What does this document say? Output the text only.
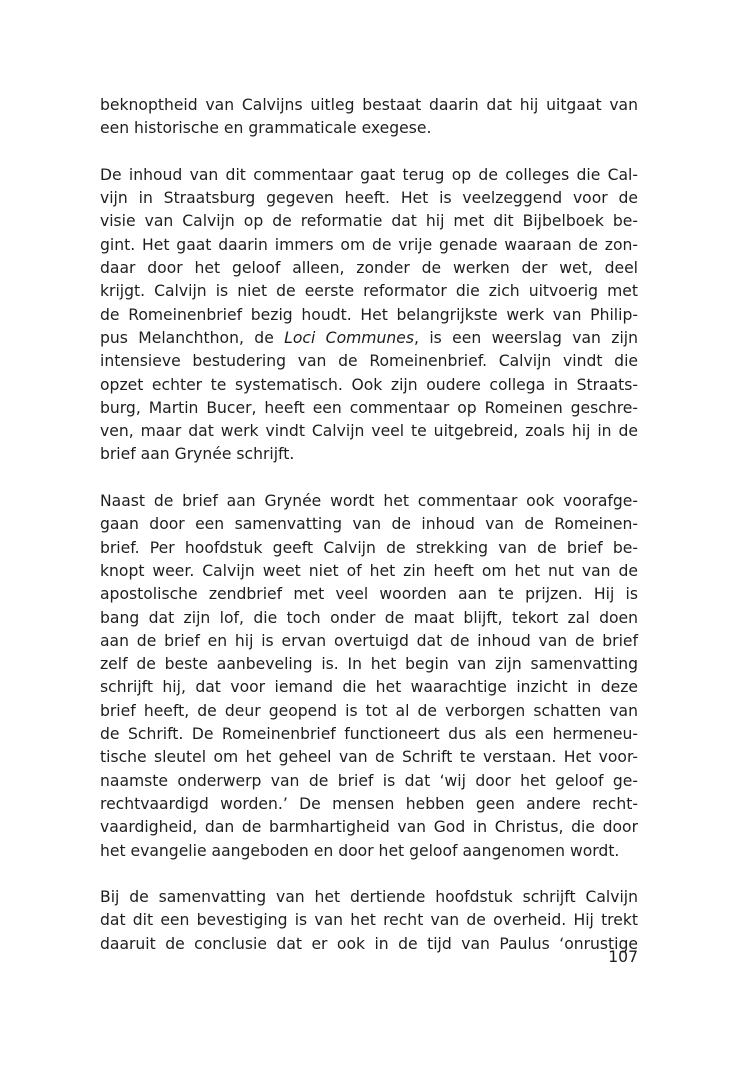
beknoptheid van Calvijns uitleg bestaat daarin dat hij uitgaat van
een historische en grammaticale exegese.
De inhoud van dit commentaar gaat terug op de colleges die Cal-
vijn in Straatsburg gegeven heeft. Het is veelzeggend voor de
visie van Calvijn op de reformatie dat hij met dit Bijbelboek be-
gint. Het gaat daarin immers om de vrije genade waaraan de zon-
daar door het geloof alleen, zonder de werken der wet, deel
krijgt. Calvijn is niet de eerste reformator die zich uitvoerig met
de Romeinenbrief bezig houdt. Het belangrijkste werk van Philip-
pus Melanchthon, de Loci Communes, is een weerslag van zijn
intensieve bestudering van de Romeinenbrief. Calvijn vindt die
opzet echter te systematisch. Ook zijn oudere collega in Straats-
burg, Martin Bucer, heeft een commentaar op Romeinen geschre-
ven, maar dat werk vindt Calvijn veel te uitgebreid, zoals hij in de
brief aan Grynée schrijft.
Naast de brief aan Grynée wordt het commentaar ook voorafge-
gaan door een samenvatting van de inhoud van de Romeinen-
brief. Per hoofdstuk geeft Calvijn de strekking van de brief be-
knopt weer. Calvijn weet niet of het zin heeft om het nut van de
apostolische zendbrief met veel woorden aan te prijzen. Hij is
bang dat zijn lof, die toch onder de maat blijft, tekort zal doen
aan de brief en hij is ervan overtuigd dat de inhoud van de brief
zelf de beste aanbeveling is. In het begin van zijn samenvatting
schrijft hij, dat voor iemand die het waarachtige inzicht in deze
brief heeft, de deur geopend is tot al de verborgen schatten van
de Schrift. De Romeinenbrief functioneert dus als een hermeneu-
tische sleutel om het geheel van de Schrift te verstaan. Het voor-
naamste onderwerp van de brief is dat ‘wij door het geloof ge-
rechtvaardigd worden.’ De mensen hebben geen andere recht-
vaardigheid, dan de barmhartigheid van God in Christus, die door
het evangelie aangeboden en door het geloof aangenomen wordt.
Bij de samenvatting van het dertiende hoofdstuk schrijft Calvijn
dat dit een bevestiging is van het recht van de overheid. Hij trekt
daaruit de conclusie dat er ook in de tijd van Paulus ‘onrustige
107
